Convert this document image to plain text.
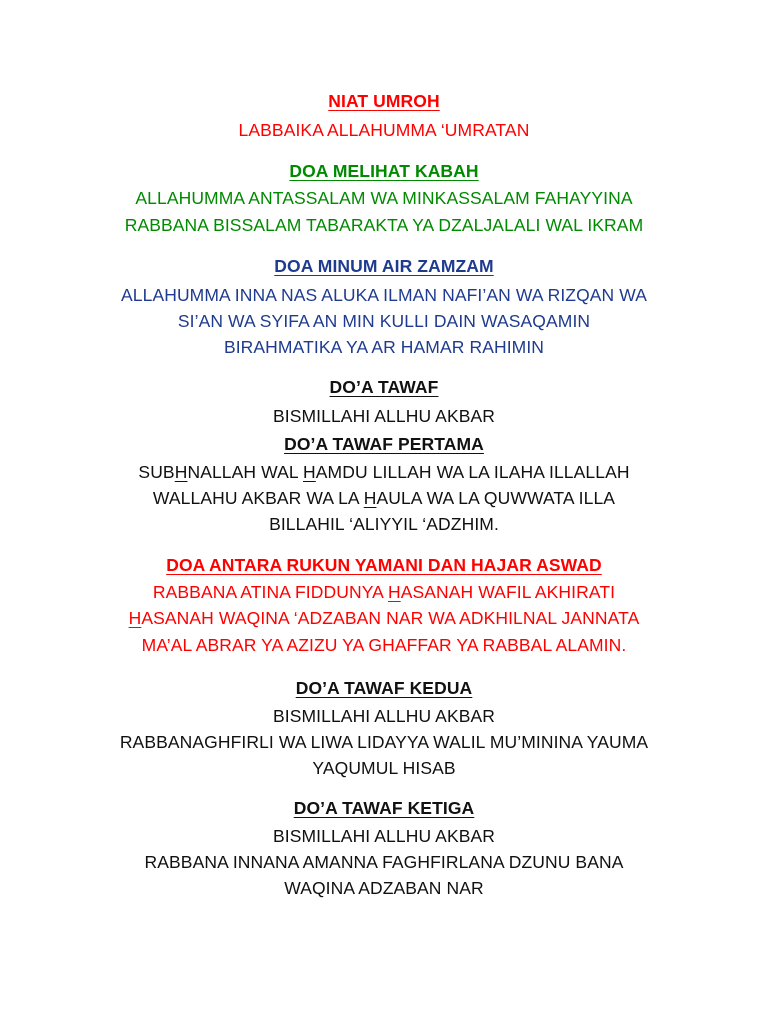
NIAT UMROH
LABBAIKA ALLAHUMMA ‘UMRATAN
DOA MELIHAT KABAH
ALLAHUMMA ANTASSALAM WA MINKASSALAM FAHAYYINA
RABBANA BISSALAM TABARAKTA YA DZALJALALI WAL IKRAM
DOA MINUM AIR ZAMZAM
ALLAHUMMA INNA NAS ALUKA ILMAN NAFI’AN WA RIZQAN WA
SI’AN WA SYIFA AN MIN KULLI DAIN WASAQAMIN
BIRAHMATIKA YA AR HAMAR RAHIMIN
DO’A TAWAF
BISMILLAHI ALLHU AKBAR
DO’A TAWAF PERTAMA
SUBHNALLAH WAL HAMDU LILLAH WA LA ILAHA ILLALLAH
WALLAHU AKBAR WA LA HAULA WA LA QUWWATA ILLA
BILLAHIL ‘ALIYYIL ‘ADZHIM.
DOA ANTARA RUKUN YAMANI DAN HAJAR ASWAD
RABBANA ATINA FIDDUNYA HASANAH WAFIL AKHIRATI
HASANAH WAQINA ‘ADZABAN NAR WA ADKHILNAL JANNATA
MA’AL ABRAR YA AZIZU YA GHAFFAR YA RABBAL ALAMIN.
DO’A TAWAF KEDUA
BISMILLAHI ALLHU AKBAR
RABBANAGHFIRLI WA LIWA LIDAYYA WALIL MU’MININA YAUMA
YAQUMUL HISAB
DO’A TAWAF KETIGA
BISMILLAHI ALLHU AKBAR
RABBANA INNANA AMANNA FAGHFIRLANA DZUNU BANA
WAQINA ADZABAN NAR
